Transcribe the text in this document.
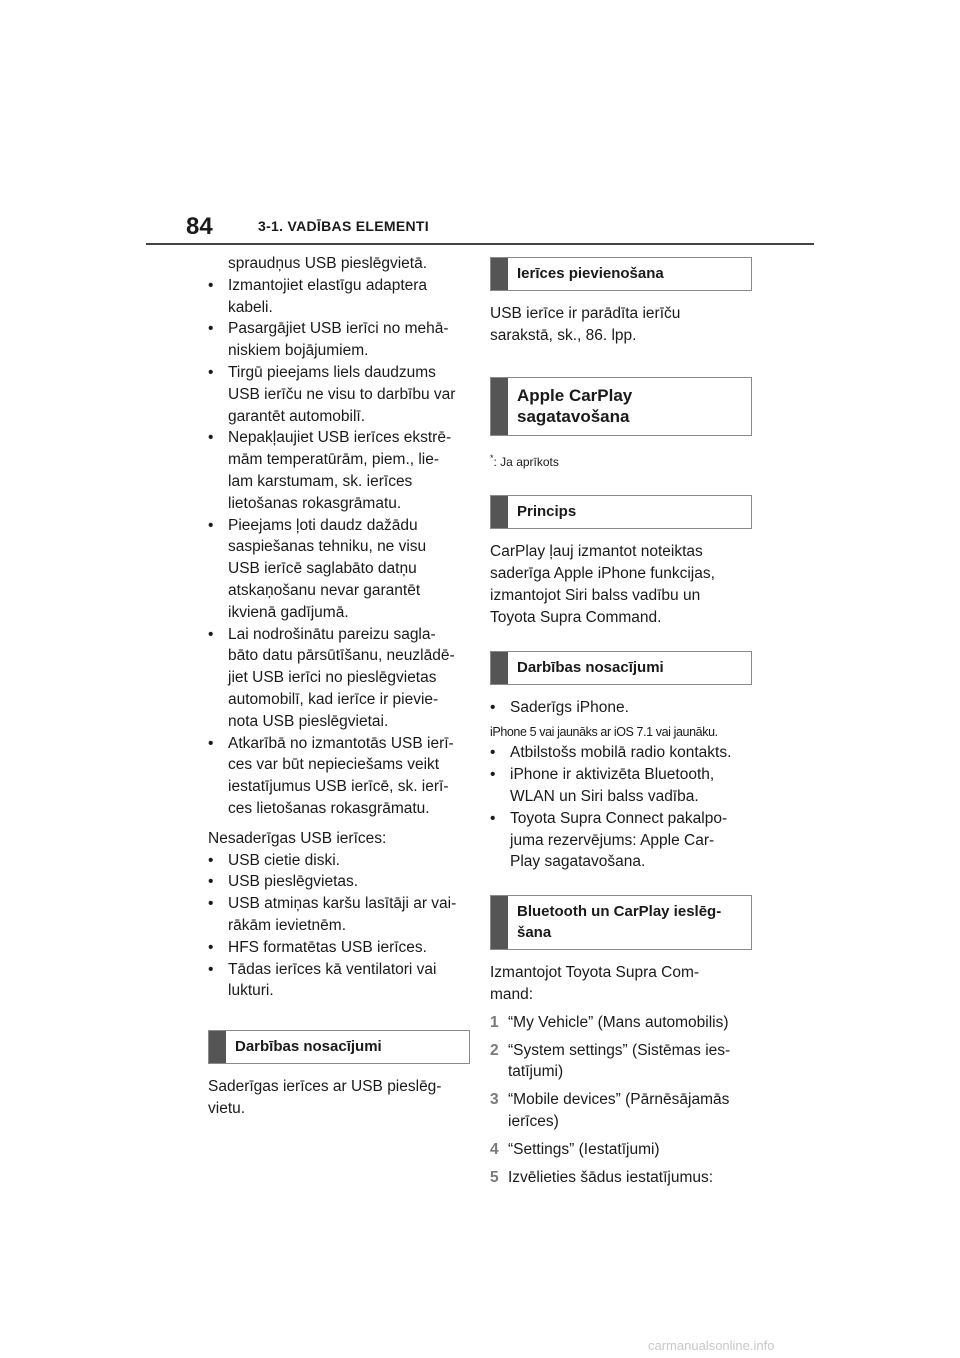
84	3-1. VADĪBAS ELEMENTI

spraudņus USB pieslēgvietā.

• Izmantojiet elastīgu adaptera
kabeli.
• Pasargājiet USB ierīci no mehā-
niskiem bojājumiem.
• Tirgū pieejams liels daudzums
USB ierīču ne visu to darbību var
garantēt automobilī.
• Nepakļaujiet USB ierīces ekstrē-
mām temperatūrām, piem., lie-
lam karstumam, sk. ierīces
lietošanas rokasgrāmatu.
• Pieejams ļoti daudz dažādu
saspiešanas tehniku, ne visu
USB ierīcē saglabāto datņu
atskaņošanu nevar garantēt
ikvienā gadījumā.
• Lai nodrošinātu pareizu sagla-
bāto datu pārsūtīšanu, neuzlādē-
jiet USB ierīci no pieslēgvietas
automobilī, kad ierīce ir pievie-
nota USB pieslēgvietai.
• Atkarībā no izmantotās USB ierī-
ces var būt nepieciešams veikt
iestatījumus USB ierīcē, sk. ierī-
ces lietošanas rokasgrāmatu.

Nesaderīgas USB ierīces:

• USB cietie diski.
• USB pieslēgvietas.
• USB atmiņas karšu lasītāji ar vai-
rākām ievietnēm.
• HFS formatētas USB ierīces.
• Tādas ierīces kā ventilatori vai
lukturi.
Darbības nosacījumi

Saderīgas ierīces ar USB pieslēg-

vietu.

Ierīces pievienošana

USB ierīce ir parādīta ierīču

sarakstā, sk., 86. lpp.

Apple CarPlay sagatavošana

*: Ja aprīkots

Princips

CarPlay ļauj izmantot noteiktas

saderīga Apple iPhone funkcijas,

izmantojot Siri balss vadību un

Toyota Supra Command.

Darbības nosacījumi

• Saderīgs iPhone.

iPhone 5 vai jaunāks ar iOS 7.1 vai jaunāku.

• Atbilstošs mobilā radio kontakts.
• iPhone ir aktivizēta Bluetooth,
WLAN un Siri balss vadība.
• Toyota Supra Connect pakalpo-
juma rezervējums: Apple Car-
Play sagatavošana.
Bluetooth un CarPlay ieslēg-
šana

Izmantojot Toyota Supra Com-

mand:

1 “My Vehicle” (Mans automobilis)
2 “System settings” (Sistēmas ies-
tatījumi)
3 “Mobile devices” (Pārnēsājamās
ierīces)
4 “Settings” (Iestatījumi)
5 Izvēlieties šādus iestatījumus:
carmanualsonline.info
